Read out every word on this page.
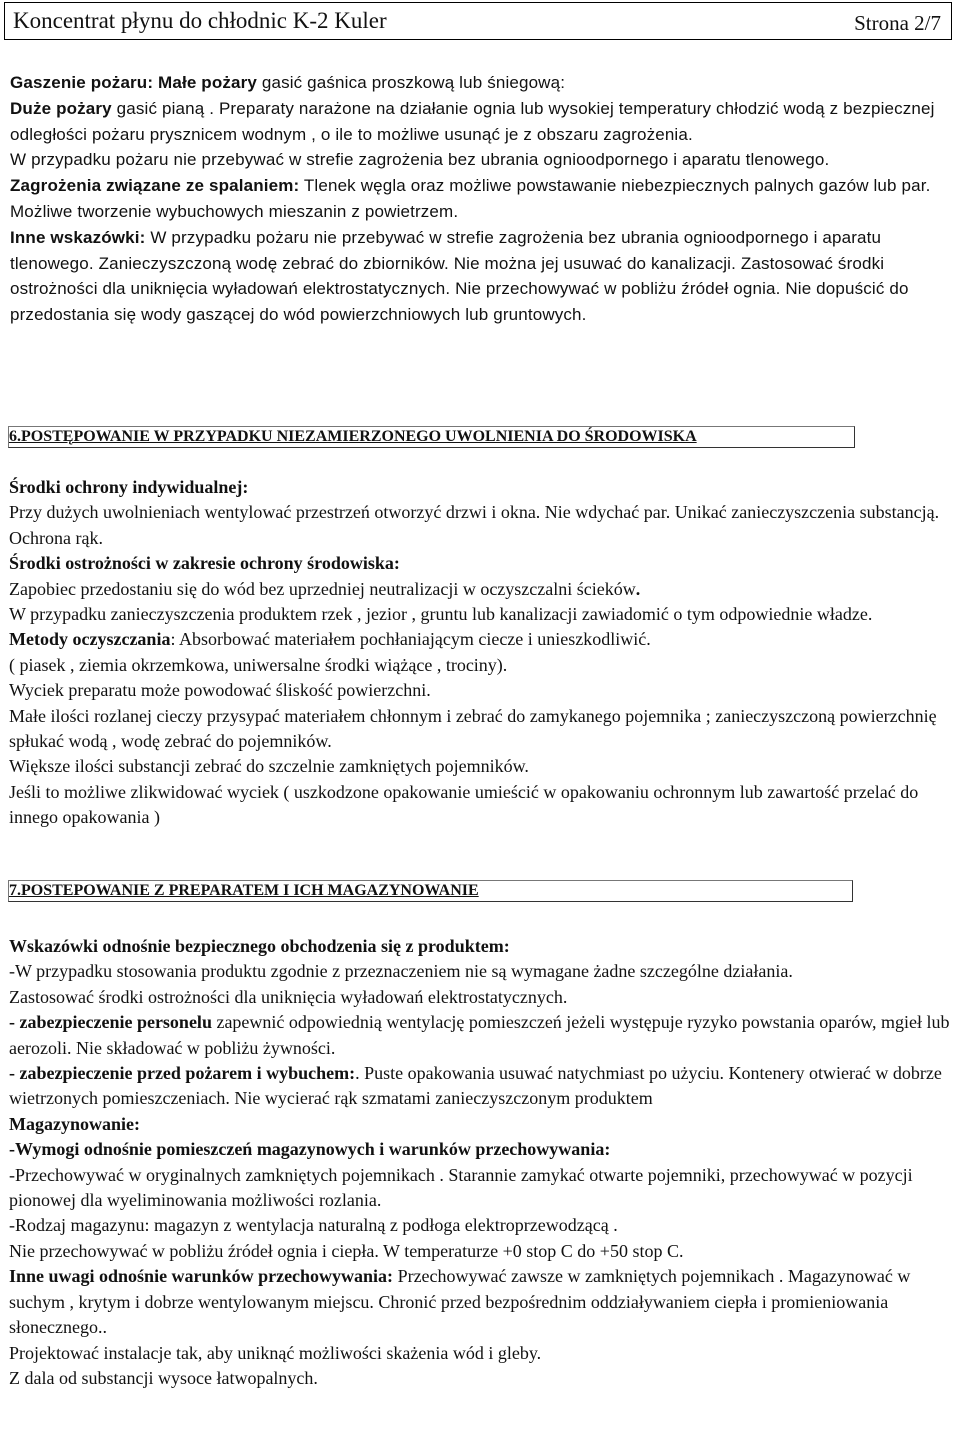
Koncentrat płynu do chłodnic K-2 Kuler	Strona 2/7

Gaszenie pożaru: Małe pożary gasić gaśnica proszkową lub śniegową:

Duże pożary gasić pianą . Preparaty narażone na działanie ognia lub wysokiej temperatury chłodzić wodą z bezpiecznej odległości pożaru prysznicem wodnym , o ile to możliwe usunąć je z obszaru zagrożenia.

W przypadku pożaru nie przebywać w strefie zagrożenia bez ubrania ognioodpornego i aparatu tlenowego.

Zagrożenia związane ze spalaniem: Tlenek węgla oraz możliwe powstawanie niebezpiecznych palnych gazów lub par. Możliwe tworzenie wybuchowych mieszanin z powietrzem.

Inne wskazówki: W przypadku pożaru nie przebywać w strefie zagrożenia bez ubrania ognioodpornego i aparatu tlenowego. Zanieczyszczoną wodę zebrać do zbiorników. Nie można jej usuwać do kanalizacji. Zastosować środki ostrożności dla uniknięcia wyładowań elektrostatycznych. Nie przechowywać w pobliżu źródeł ognia. Nie dopuścić do przedostania się wody gaszącej do wód powierzchniowych lub gruntowych.

6.POSTĘPOWANIE W PRZYPADKU NIEZAMIERZONEGO UWOLNIENIA DO ŚRODOWISKA

Środki ochrony indywidualnej:

Przy dużych uwolnieniach wentylować przestrzeń otworzyć drzwi i okna. Nie wdychać par. Unikać zanieczyszczenia substancją. Ochrona rąk.

Środki ostrożności w zakresie ochrony środowiska:

Zapobiec przedostaniu się do wód bez uprzedniej neutralizacji w oczyszczalni ścieków.

W przypadku zanieczyszczenia produktem rzek , jezior , gruntu lub kanalizacji zawiadomić o tym odpowiednie władze.

Metody oczyszczania: Absorbować materiałem pochłaniającym ciecze i unieszkodliwić.

( piasek , ziemia okrzemkowa, uniwersalne środki wiążące , trociny).

Wyciek preparatu może powodować śliskość powierzchni.

Małe ilości rozlanej cieczy przysypać materiałem chłonnym i zebrać do zamykanego pojemnika ; zanieczyszczoną powierzchnię spłukać wodą , wodę zebrać do pojemników.

Większe ilości substancji zebrać do szczelnie zamkniętych pojemników.

Jeśli to możliwe zlikwidować wyciek ( uszkodzone opakowanie umieścić w opakowaniu ochronnym lub zawartość przelać do innego opakowania )

7.POSTEPOWANIE Z PREPARATEM I ICH MAGAZYNOWANIE

Wskazówki odnośnie bezpiecznego obchodzenia się z produktem:

-W przypadku stosowania produktu zgodnie z przeznaczeniem nie są wymagane żadne szczególne działania.

Zastosować środki ostrożności dla uniknięcia wyładowań elektrostatycznych.

- zabezpieczenie personelu zapewnić odpowiednią wentylację pomieszczeń jeżeli występuje ryzyko powstania oparów, mgieł lub aerozoli. Nie składować w pobliżu żywności.

- zabezpieczenie przed pożarem i wybuchem:. Puste opakowania usuwać natychmiast po użyciu. Kontenery otwierać w dobrze wietrzonych pomieszczeniach. Nie wycierać rąk szmatami zanieczyszczonym produktem

Magazynowanie:

-Wymogi odnośnie pomieszczeń magazynowych i warunków przechowywania:

-Przechowywać w oryginalnych zamkniętych pojemnikach . Starannie zamykać otwarte pojemniki, przechowywać w pozycji pionowej dla wyeliminowania możliwości rozlania.

-Rodzaj magazynu: magazyn z wentylacja naturalną z podłoga elektroprzewodzącą .

Nie przechowywać w pobliżu źródeł ognia i ciepła. W temperaturze +0 stop C do +50 stop C.

Inne uwagi odnośnie warunków przechowywania: Przechowywać zawsze w zamkniętych pojemnikach . Magazynować w suchym , krytym i dobrze wentylowanym miejscu. Chronić przed bezpośrednim oddziaływaniem ciepła i promieniowania słonecznego..

Projektować instalacje tak, aby uniknąć możliwości skażenia wód i gleby.

Z dala od substancji wysoce łatwopalnych.
